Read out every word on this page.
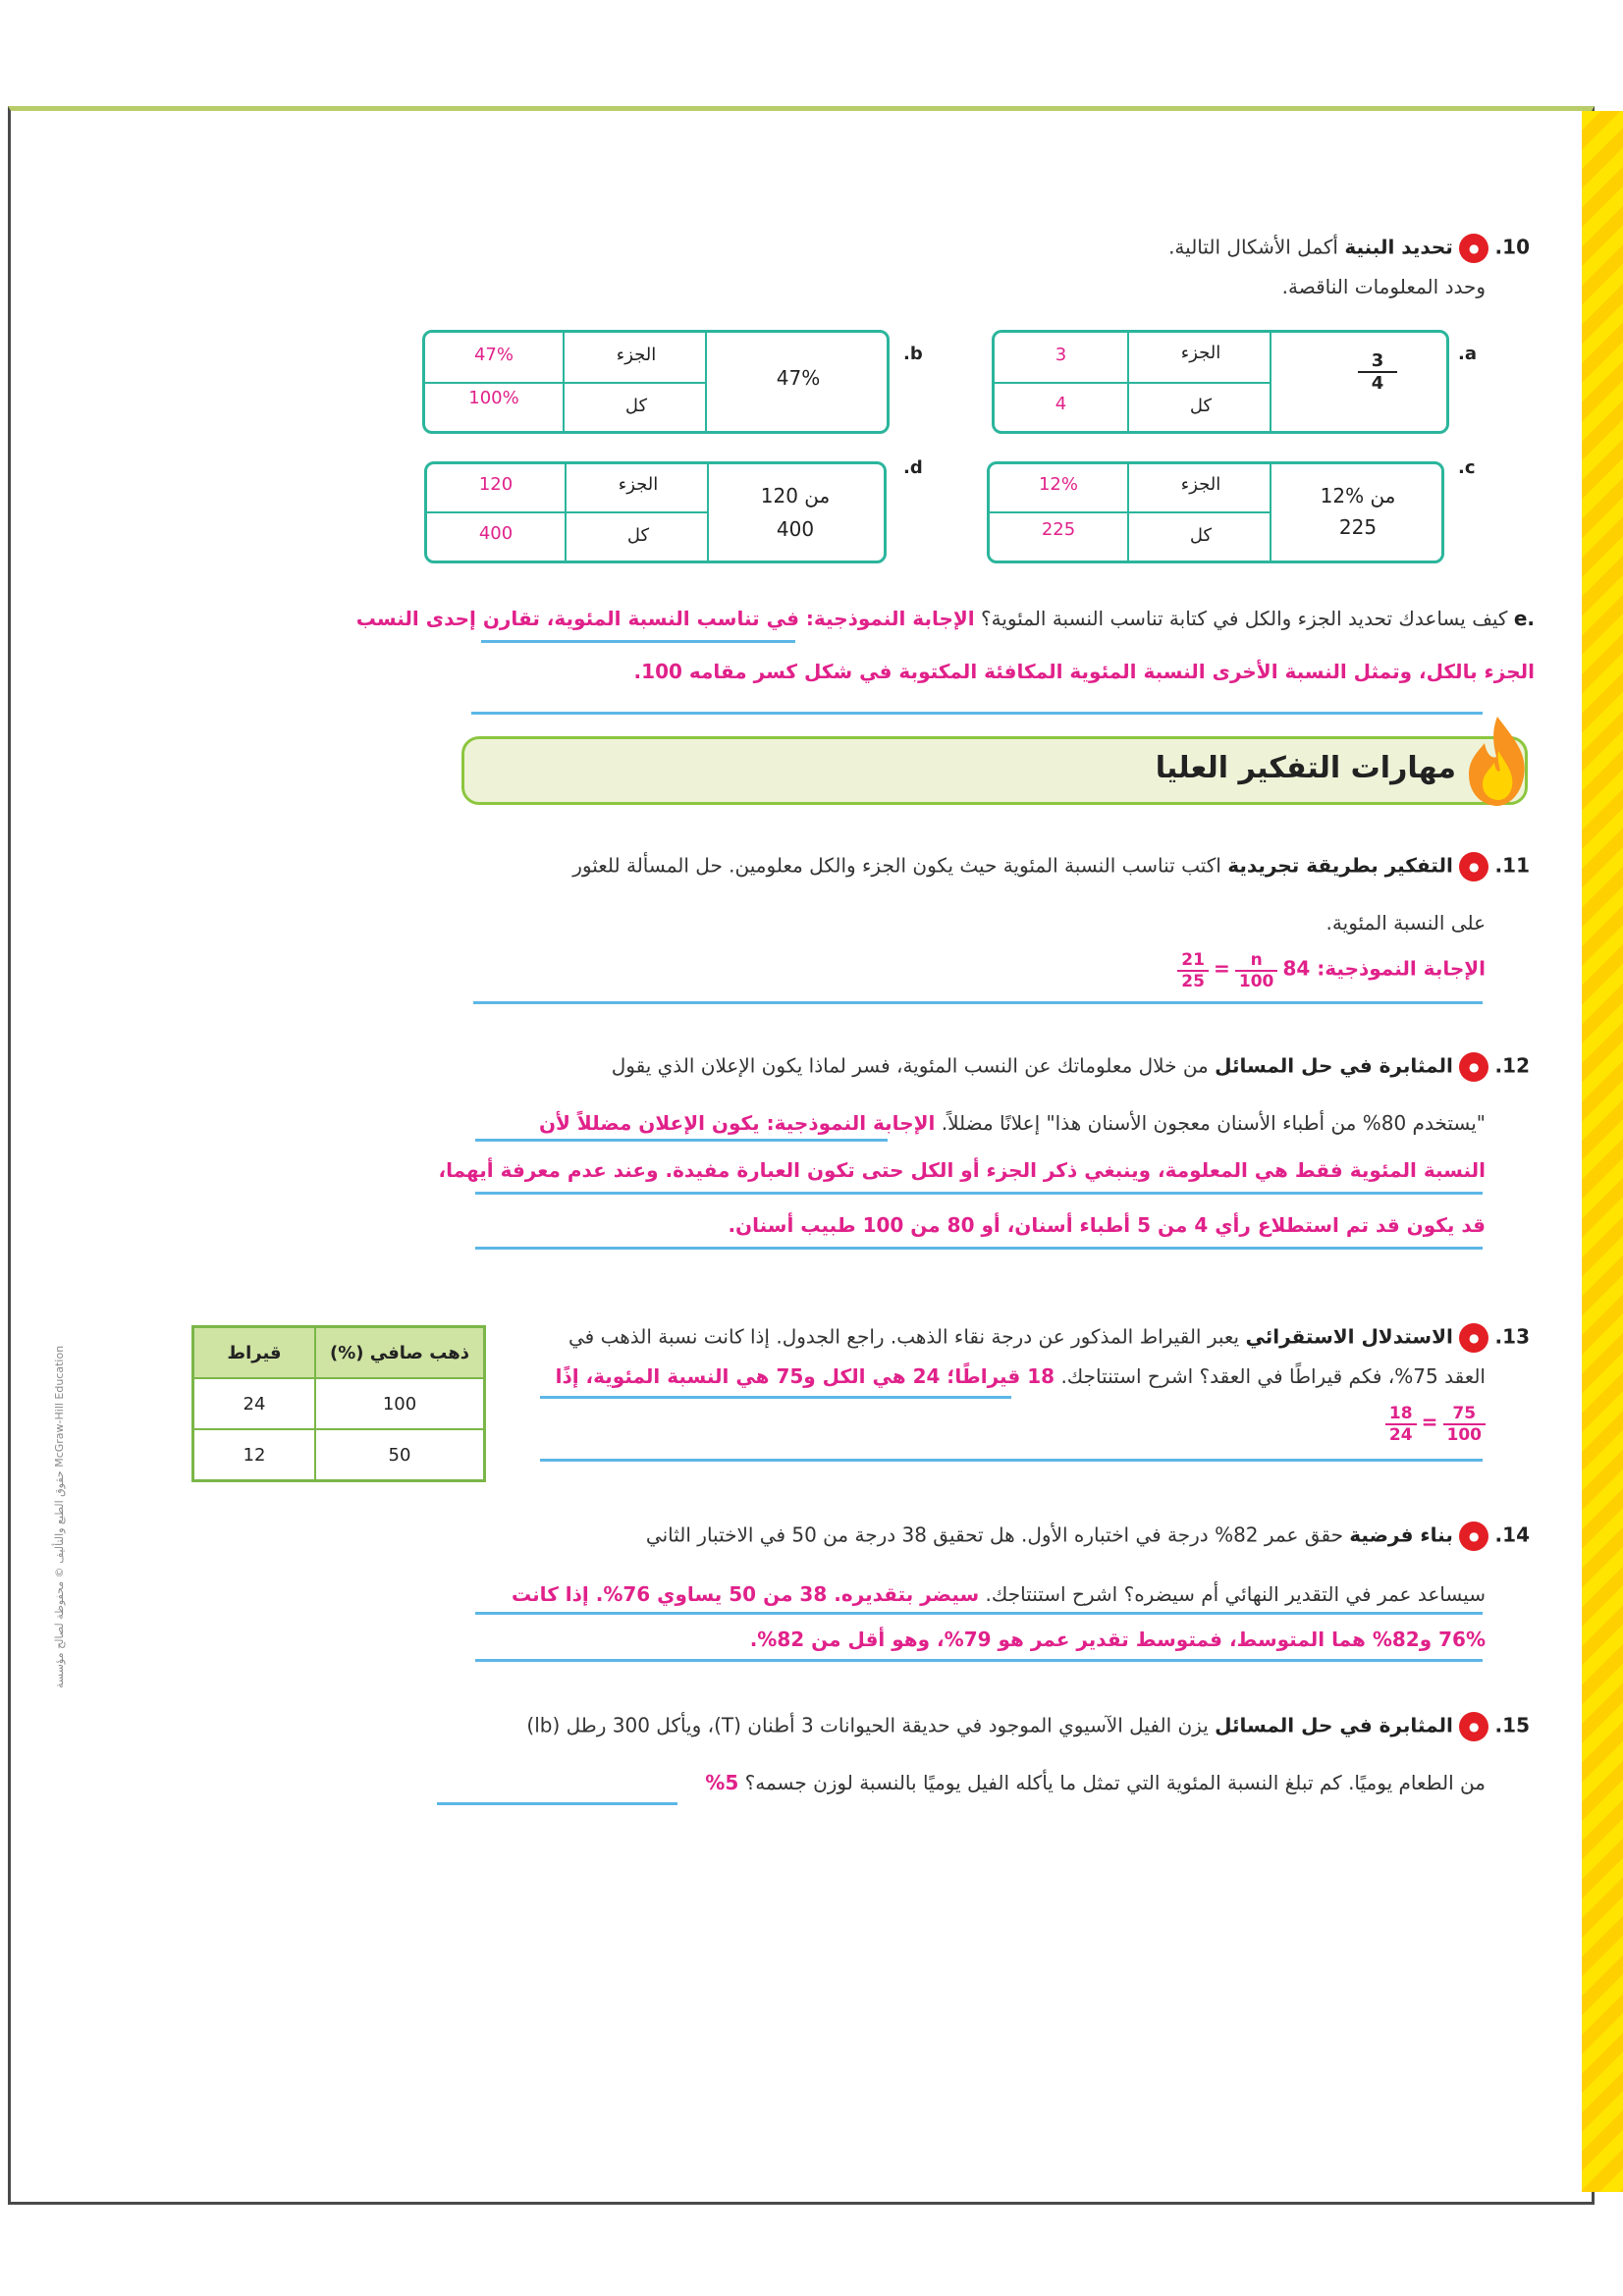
10. ● تحديد البنية أكمل الأشكال التالية.
وحدد المعلومات الناقصة.
.a
3	الجزء
4	كل
3
4
.b
47%	الجزء
100%	كل
47%
.c
12%	الجزء
225	كل
12% من
225
.d
120	الجزء
400	كل
120 من
400
.e كيف يساعدك تحديد الجزء والكل في كتابة تناسب النسبة المئوية؟ الإجابة النموذجية: في تناسب النسبة المئوية، تقارن إحدى النسب
الجزء بالكل، وتمثل النسبة الأخرى النسبة المئوية المكافئة المكتوبة في شكل كسر مقامه 100.
مهارات التفكير العليا
11. ● التفكير بطريقة تجريدية اكتب تناسب النسبة المئوية حيث يكون الجزء والكل معلومين. حل المسألة للعثور
على النسبة المئوية.
الإجابة النموذجية: 84
$\frac{n}{100}$
=
$\frac{21}{25}$
12. ● المثابرة في حل المسائل من خلال معلوماتك عن النسب المئوية، فسر لماذا يكون الإعلان الذي يقول
"يستخدم 80% من أطباء الأسنان معجون الأسنان هذا" إعلانًا مضللاً. الإجابة النموذجية: يكون الإعلان مضللاً لأن
النسبة المئوية فقط هي المعلومة، وينبغي ذكر الجزء أو الكل حتى تكون العبارة مفيدة. وعند عدم معرفة أيهما،
قد يكون قد تم استطلاع رأي 4 من 5 أطباء أسنان، أو 80 من 100 طبيب أسنان.
13. ● الاستدلال الاستقرائي يعبر القيراط المذكور عن درجة نقاء الذهب. راجع الجدول. إذا كانت نسبة الذهب في
العقد 75%، فكم قيراطًا في العقد؟ اشرح استنتاجك. 18 قيراطًا؛ 24 هي الكل و75 هي النسبة المئوية، إذًا
$\frac{75}{100}$
=
$\frac{18}{24}$
قيراط	(%) ذهب صافي
24	100
12	50
14. ● بناء فرضية حقق عمر 82% درجة في اختباره الأول. هل تحقيق 38 درجة من 50 في الاختبار الثاني
سيساعد عمر في التقدير النهائي أم سيضره؟ اشرح استنتاجك. سيضر بتقديره. 38 من 50 يساوي 76%. إذا كانت
76% و82% هما المتوسط، فمتوسط تقدير عمر هو 79%، وهو أقل من 82%.
15. ● المثابرة في حل المسائل يزن الفيل الآسيوي الموجود في حديقة الحيوانات 3 أطنان (T)، ويأكل 300 رطل (lb)
من الطعام يوميًا. كم تبلغ النسبة المئوية التي تمثل ما يأكله الفيل يوميًا بالنسبة لوزن جسمه؟ 5%
حقوق الطبع والتأليف © محفوظة لصالح مؤسسة McGraw-Hill Education
